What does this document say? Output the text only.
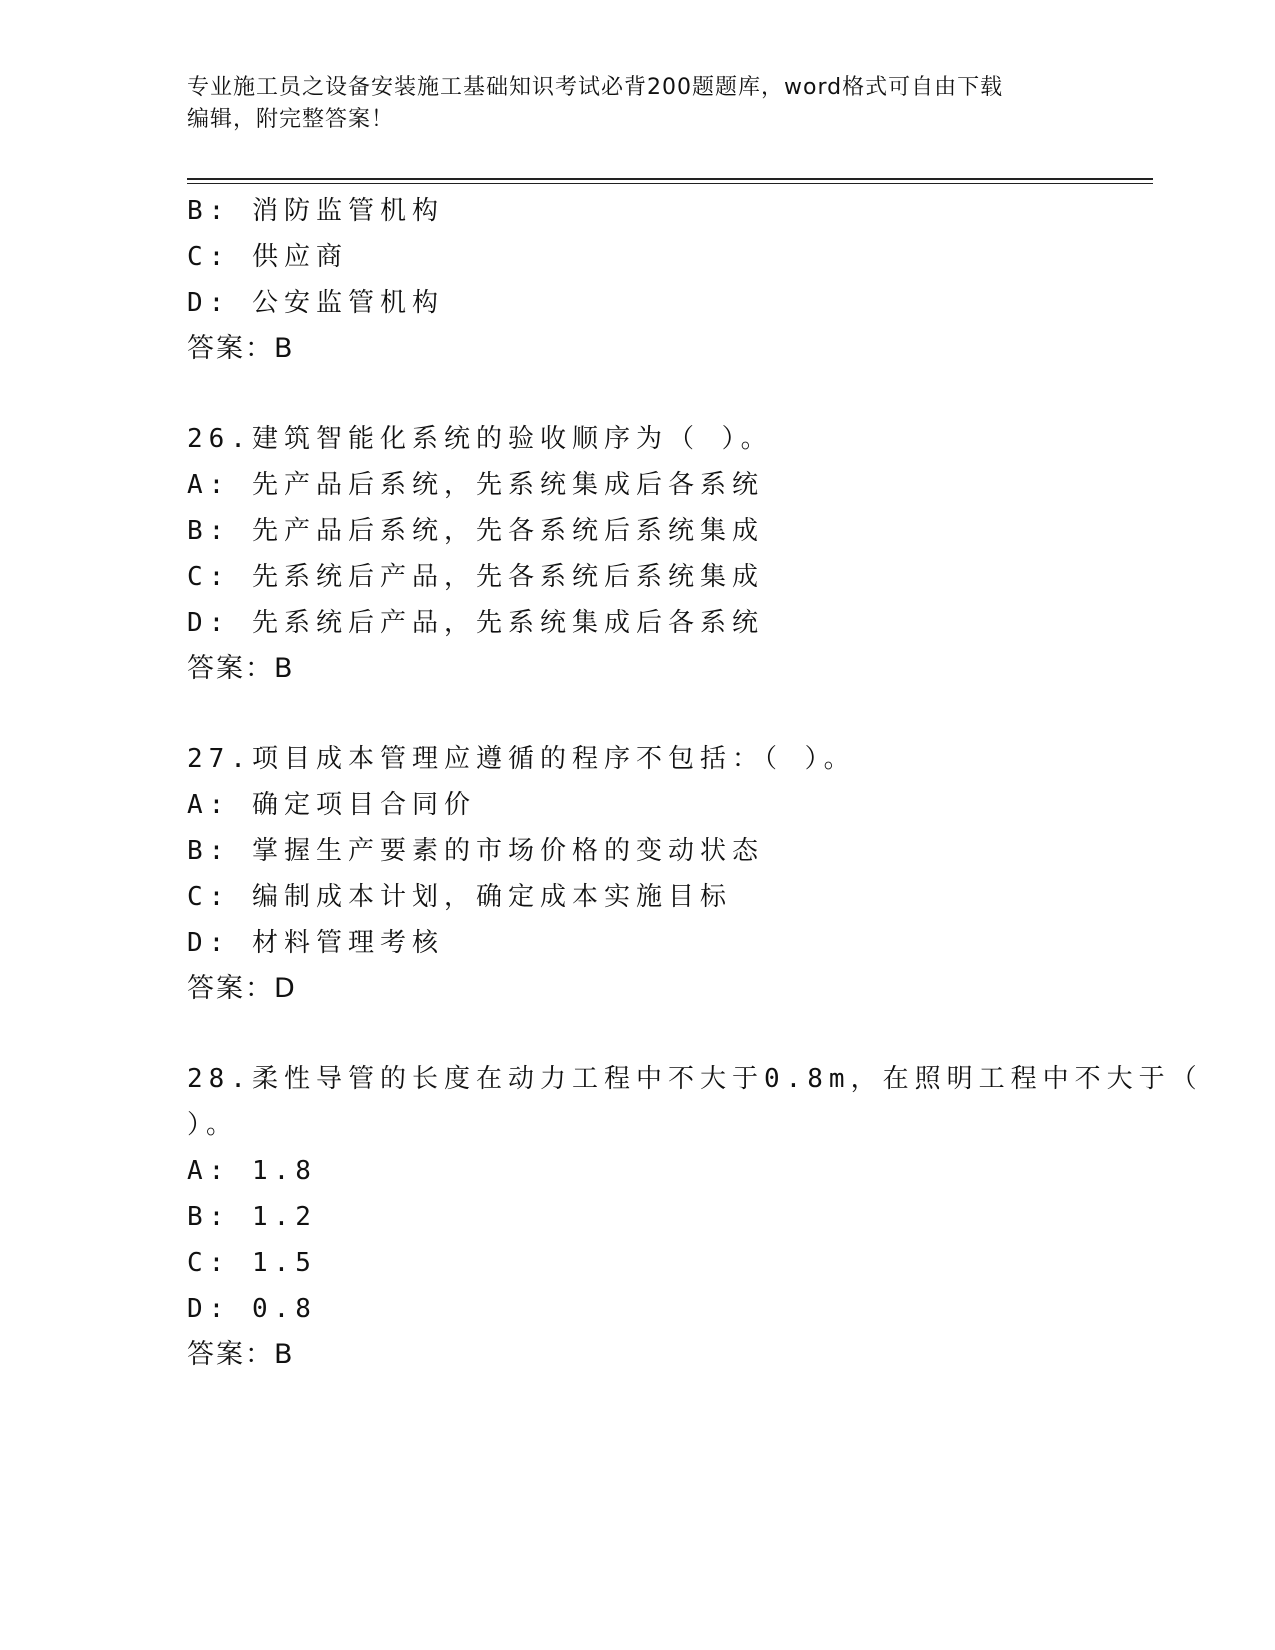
专业施工员之设备安装施工基础知识考试必背200题题库，word格式可自由下载
编辑，附完整答案！
B: 消防监管机构
C: 供应商
D: 公安监管机构
答案：B
26.建筑智能化系统的验收顺序为（ ）。
A: 先产品后系统，先系统集成后各系统
B: 先产品后系统，先各系统后系统集成
C: 先系统后产品，先各系统后系统集成
D: 先系统后产品，先系统集成后各系统
答案：B
27.项目成本管理应遵循的程序不包括：（ ）。
A: 确定项目合同价
B: 掌握生产要素的市场价格的变动状态
C: 编制成本计划，确定成本实施目标
D: 材料管理考核
答案：D
28.柔性导管的长度在动力工程中不大于0.8m，在照明工程中不大于（
）。
A: 1.8
B: 1.2
C: 1.5
D: 0.8
答案：B
